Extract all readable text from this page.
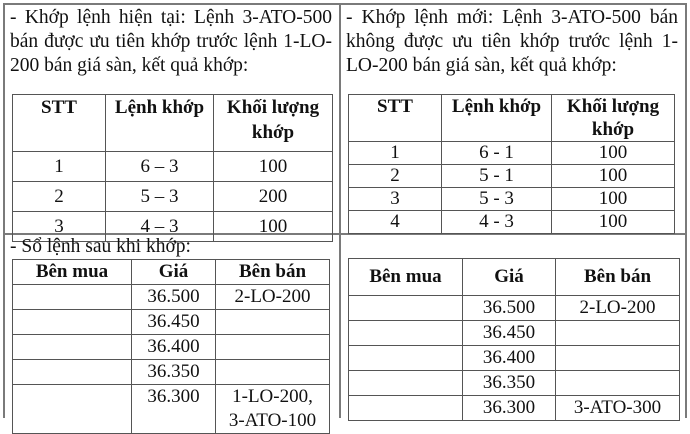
- Khớp lệnh hiện tại: Lệnh 3-ATO-500 bán được ưu tiên khớp trước lệnh 1-LO-200 bán giá sàn, kết quả khớp:
STT	Lệnh khớp	Khối lượng khớp
1	6 – 3	100
2	5 – 3	200
3	4 – 3	100
- Khớp lệnh mới: Lệnh 3-ATO-500 bán không được ưu tiên khớp trước lệnh 1-LO-200 bán giá sàn, kết quả khớp:
STT	Lệnh khớp	Khối lượng khớp
1	6 - 1	100
2	5 - 1	100
3	5 - 3	100
4	4 - 3	100
- Sổ lệnh sau khi khớp:
Bên mua	Giá	Bên bán
	36.500	2-LO-200
	36.450	
	36.400	
	36.350	
	36.300	1-LO-200, 3-ATO-100
Bên mua	Giá	Bên bán
	36.500	2-LO-200
	36.450	
	36.400	
	36.350	
	36.300	3-ATO-300
